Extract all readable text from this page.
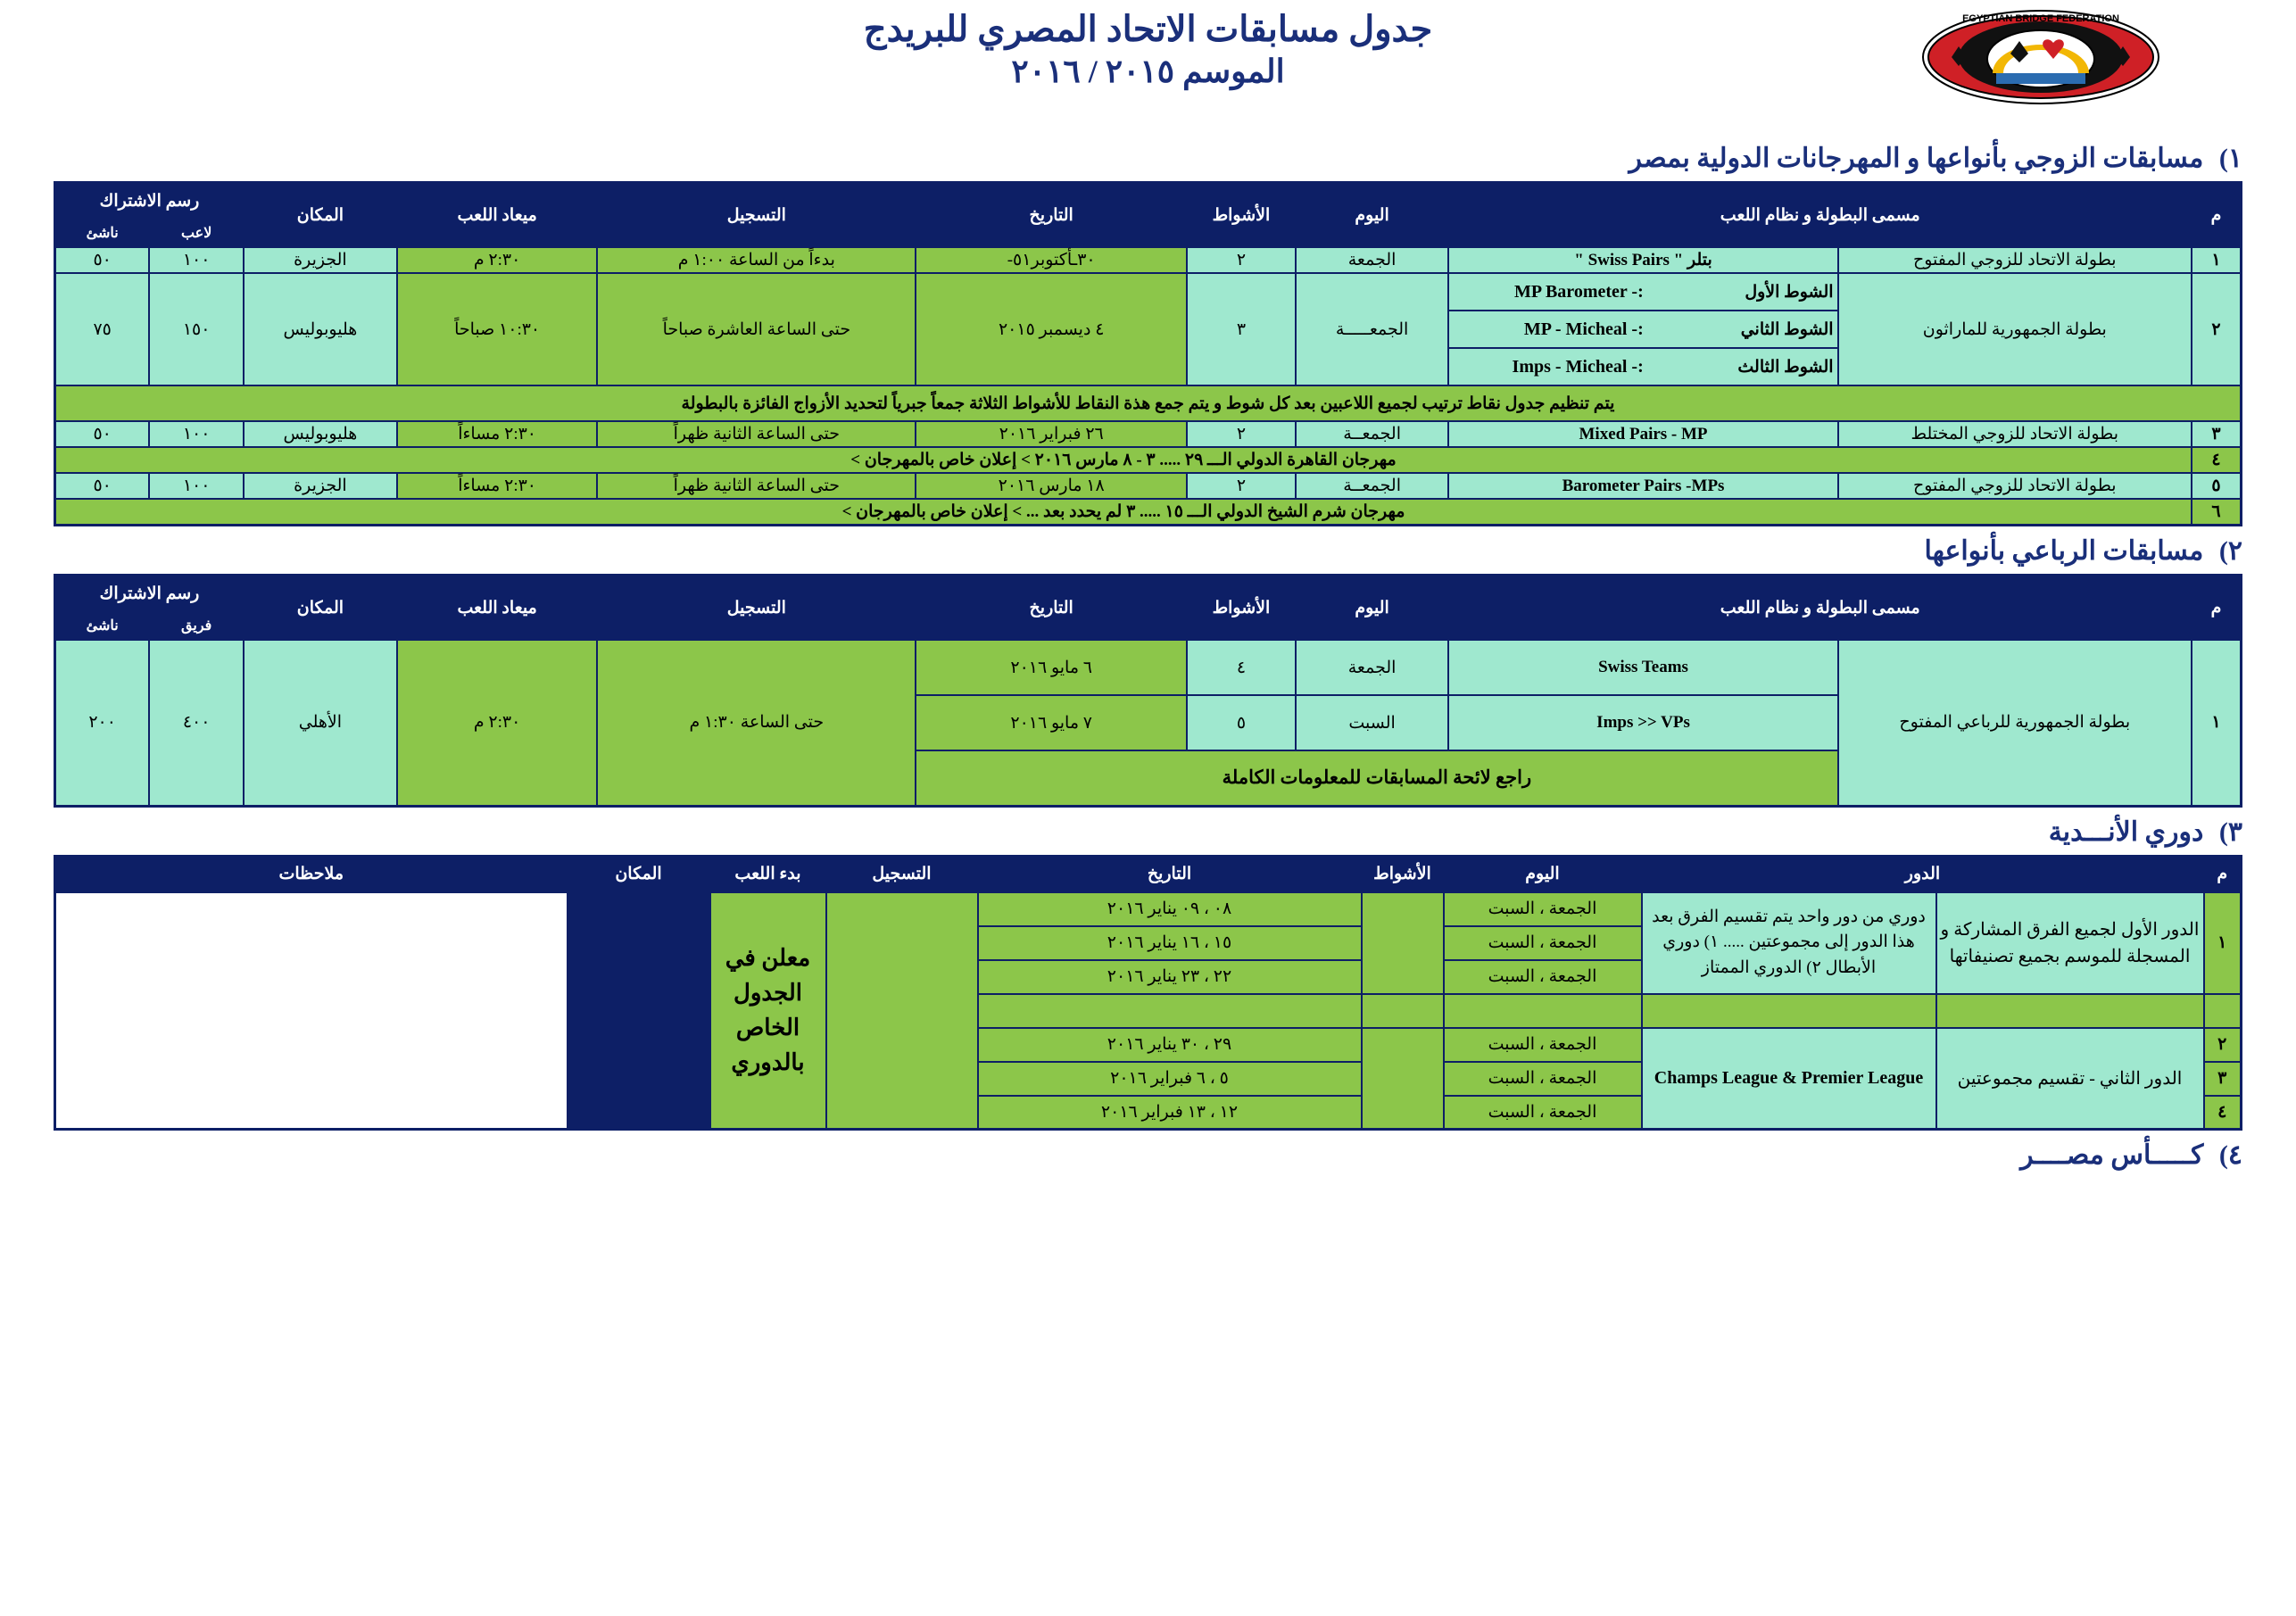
EGYPTIAN BRIDGE FEDERATION
جدول مسابقات الاتحاد المصري للبريدج
الموسم ٢٠١٥ / ٢٠١٦
١) مسابقات الزوجي بأنواعها و المهرجانات الدولية بمصر
م	مسمى البطولة و نظام اللعب		اليوم	الأشواط	التاريخ	التسجيل	ميعاد اللعب	المكان	رسم الاشتراك	
									لاعب	ناشئ
١	بطولة الاتحاد للزوجي المفتوح	" Swiss Pairs " بتلر	الجمعة	٢	٣٠ـأكتوبر٥١-	بدءاً من الساعة ١:٠٠ م	٢:٣٠ م	الجزيرة	١٠٠	٥٠
٢	بطولة الجمهورية للماراثون	MP Barometer -: الشوط الأول	الجمعـــــة	٣	٤ ديسمبر ٢٠١٥	حتى الساعة العاشرة صباحاً	١٠:٣٠ صباحاً	هليوبوليس	١٥٠	٧٥

		MP - Micheal -: الشوط الثاني								

		Imps - Micheal -: الشوط الثالث								

يتم تنظيم جدول نقاط ترتيب لجميع اللاعبين بعد كل شوط و يتم جمع هذة النقاط للأشواط الثلاثة جمعاً جبرياً لتحديد الأزواج الفائزة بالبطولة										
٣	بطولة الاتحاد للزوجي المختلط	Mixed Pairs - MP	الجمعــة	٢	٢٦ فبراير ٢٠١٦	حتى الساعة الثانية ظهراً	٢:٣٠ مساءاً	هليوبوليس	١٠٠	٥٠
٤	مهرجان القاهرة الدولي الـــ ٢٩ ..... ٣ - ٨ مارس ٢٠١٦ > إعلان خاص بالمهرجان >									
٥	بطولة الاتحاد للزوجي المفتوح	Barometer Pairs -MPs	الجمعــة	٢	١٨ مارس ٢٠١٦	حتى الساعة الثانية ظهراً	٢:٣٠ مساءاً	الجزيرة	١٠٠	٥٠
٦	مهرجان شرم الشيخ الدولي الـــ ١٥ ..... ٣ لم يحدد بعد ... > إعلان خاص بالمهرجان >									
٢) مسابقات الرباعي بأنواعها
م	مسمى البطولة و نظام اللعب		اليوم	الأشواط	التاريخ	التسجيل	ميعاد اللعب	المكان	رسم الاشتراك	
									فريق	ناشئ
١	بطولة الجمهورية للرباعي المفتوح	Swiss Teams	الجمعة	٤	٦ مايو ٢٠١٦	حتى الساعة ١:٣٠ م	٢:٣٠ م	الأهلي	٤٠٠	٢٠٠
		Imps >> VPs	السبت	٥	٧ مايو ٢٠١٦					
		راجع لائحة المسابقات للمعلومات الكاملة								
٣) دوري الأنـــدية
م	الدور		اليوم	الأشواط	التاريخ	التسجيل	بدء اللعب	المكان	ملاحظات
١	الدور الأول لجميع الفرق المشاركة و المسجلة للموسم بجميع تصنيفاتها	دوري من دور واحد يتم تقسيم الفرق بعد هذا الدور إلى مجموعتين ..... ١) دوري الأبطال ٢) الدوري الممتاز	الجمعة ، السبت		٠٨ ، ٠٩ يناير ٢٠١٦		معلن في الجدول الخاص بالدوري		
			الجمعة ، السبت		١٥ ، ١٦ يناير ٢٠١٦				
			الجمعة ، السبت		٢٢ ، ٢٣ يناير ٢٠١٦				

٢	الدور الثاني - تقسيم مجموعتين	Champs League & Premier League	الجمعة ، السبت		٢٩ ، ٣٠ يناير ٢٠١٦				
٣			الجمعة ، السبت		٥ ، ٦ فبراير ٢٠١٦				
٤			الجمعة ، السبت		١٢ ، ١٣ فبراير ٢٠١٦				
٤) كـــــأس مصــــر
